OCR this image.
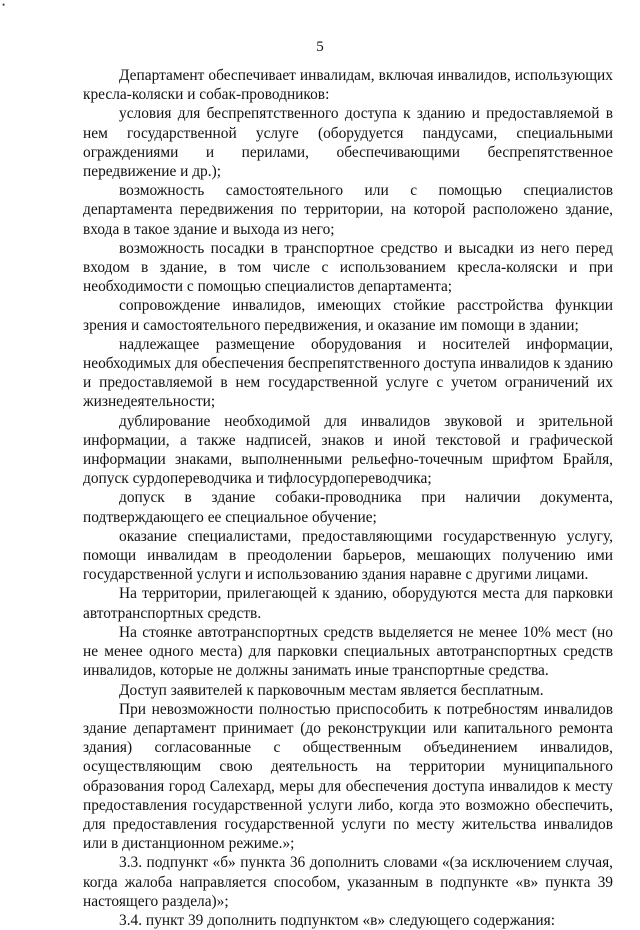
•
5

Департамент обеспечивает инвалидам, включая инвалидов, использующих кресла-коляски и собак-проводников:

условия для беспрепятственного доступа к зданию и предоставляемой в нем государственной услуге (оборудуется пандусами, специальными ограждениями и перилами, обеспечивающими беспрепятственное передвижение и др.);

возможность самостоятельного или с помощью специалистов департамента передвижения по территории, на которой расположено здание, входа в такое здание и выхода из него;

возможность посадки в транспортное средство и высадки из него перед входом в здание, в том числе с использованием кресла-коляски и при необходимости с помощью специалистов департамента;

сопровождение инвалидов, имеющих стойкие расстройства функции зрения и самостоятельного передвижения, и оказание им помощи в здании;

надлежащее размещение оборудования и носителей информации, необходимых для обеспечения беспрепятственного доступа инвалидов к зданию и предоставляемой в нем государственной услуге с учетом ограничений их жизнедеятельности;

дублирование необходимой для инвалидов звуковой и зрительной информации, а также надписей, знаков и иной текстовой и графической информации знаками, выполненными рельефно-точечным шрифтом Брайля, допуск сурдопереводчика и тифлосурдопереводчика;

допуск в здание собаки-проводника при наличии документа, подтверждающего ее специальное обучение;

оказание специалистами, предоставляющими государственную услугу, помощи инвалидам в преодолении барьеров, мешающих получению ими государственной услуги и использованию здания наравне с другими лицами.

На территории, прилегающей к зданию, оборудуются места для парковки автотранспортных средств.

На стоянке автотранспортных средств выделяется не менее 10% мест (но не менее одного места) для парковки специальных автотранспортных средств инвалидов, которые не должны занимать иные транспортные средства.

Доступ заявителей к парковочным местам является бесплатным.

При невозможности полностью приспособить к потребностям инвалидов здание департамент принимает (до реконструкции или капитального ремонта здания) согласованные с общественным объединением инвалидов, осуществляющим свою деятельность на территории муниципального образования город Салехард, меры для обеспечения доступа инвалидов к месту предоставления государственной услуги либо, когда это возможно обеспечить, для предоставления государственной услуги по месту жительства инвалидов или в дистанционном режиме.»;

3.3. подпункт «б» пункта 36 дополнить словами «(за исключением случая, когда жалоба направляется способом, указанным в подпункте «в» пункта 39 настоящего раздела)»;

3.4. пункт 39 дополнить подпунктом «в» следующего содержания:
